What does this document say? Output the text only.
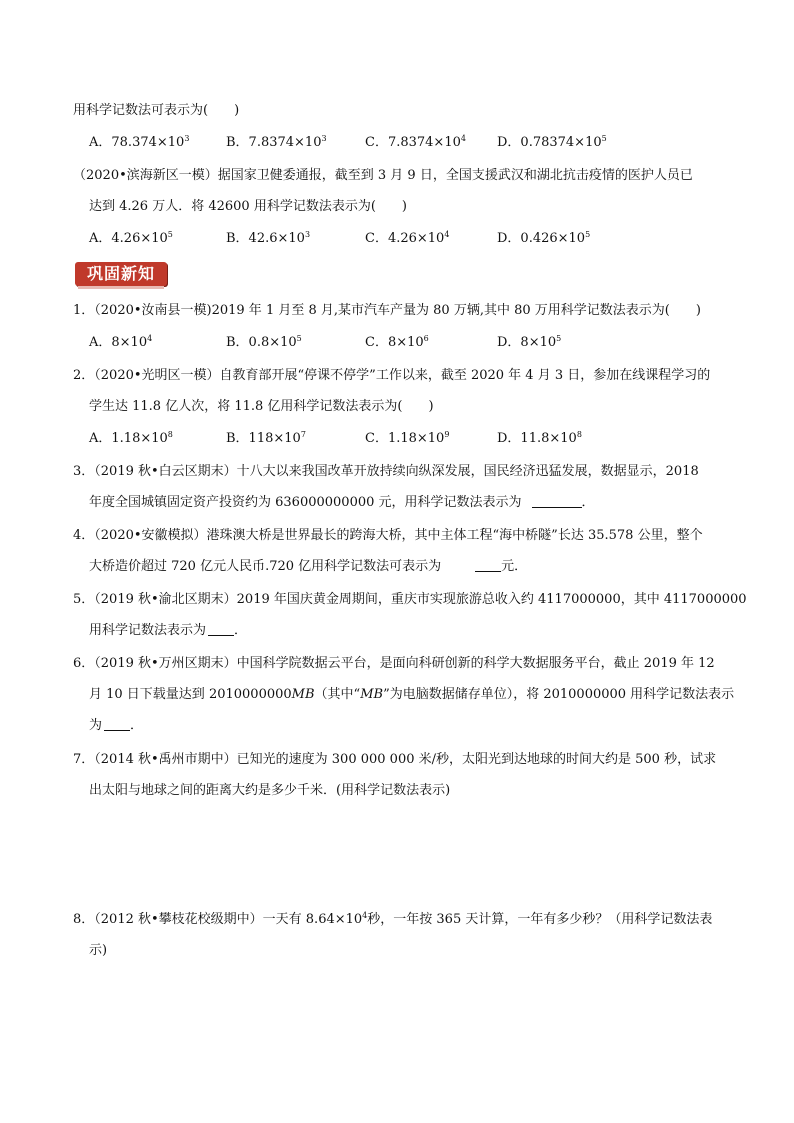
用科学记数法可表示为(　　)
A．$78.374\times 10^3$	B．$7.8374\times 10^3$	C．$7.8374\times 10^4$ D．$0.78374\times 10^5$
（2020•滨海新区一模）据国家卫健委通报，截至到 3 月 9 日，全国支援武汉和湖北抗击疫情的医护人员已
达到 4.26 万人．将 42600 用科学记数法表示为(　　)
A．$4.26\times 10^5$	B．$42.6\times 10^3$	C．$4.26\times 10^4$	D．$0.426\times 10^5$
巩固新知
1．（2020•汝南县一模)2019 年 1 月至 8 月,某市汽车产量为 80 万辆,其中 80 万用科学记数法表示为(　　)
A．$8\times 10^4$	B．$0.8\times 10^5$	C．$8\times 10^6$	D．$8\times 10^5$
2．（2020•光明区一模）自教育部开展“停课不停学”工作以来，截至 2020 年 4 月 3 日，参加在线课程学习的
学生达 11.8 亿人次，将 11.8 亿用科学记数法表示为(　　)
A．$1.18\times 10^8$	B．$118\times 10^7$	C．$1.18\times 10^9$	D．$11.8\times 10^8$
3．（2019 秋•白云区期末）十八大以来我国改革开放持续向纵深发展，国民经济迅猛发展，数据显示，2018
年度全国城镇固定资产投资约为 636000000000 元，用科学记数法表示为	．
4．（2020•安徽模拟）港珠澳大桥是世界最长的跨海大桥，其中主体工程“海中桥隧”长达 35.578 公里，整个
大桥造价超过 720 亿元人民币.720 亿用科学记数法可表示为	元．
5．（2019 秋•渝北区期末）2019 年国庆黄金周期间，重庆市实现旅游总收入约 4117000000，其中 4117000000
用科学记数法表示为 ．
6．（2019 秋•万州区期末）中国科学院数据云平台，是面向科研创新的科学大数据服务平台，截止 2019 年 12
月 10 日下载量达到 2010000000MB（其中“MB”为电脑数据储存单位），将 2010000000 用科学记数法表示
为 ．
7．（2014 秋•禹州市期中）已知光的速度为 300 000 000 米/秒，太阳光到达地球的时间大约是 500 秒，试求
出太阳与地球之间的距离大约是多少千米．(用科学记数法表示)
8．（2012 秋•攀枝花校级期中）一天有 $8.64\times 10^4$秒，一年按 365 天计算，一年有多少秒？（用科学记数法表
示)
